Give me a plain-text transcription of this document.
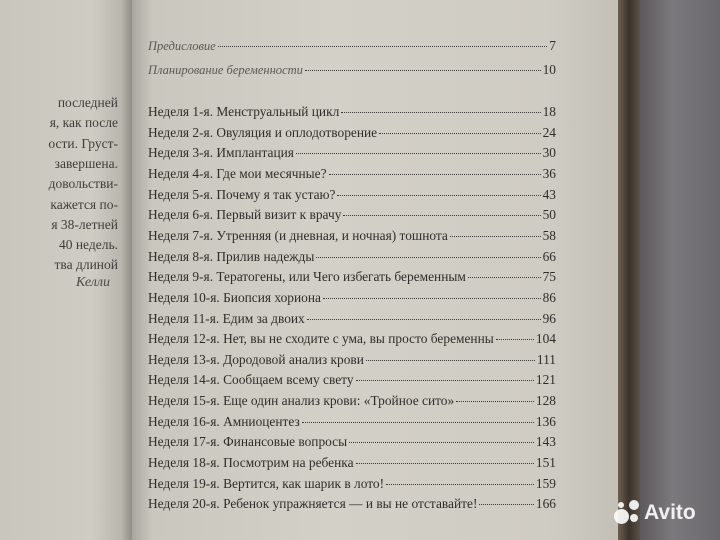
последней
я, как после
ости. Груст-
завершена.
довольстви-
кажется по-
я 38-летней
40 недель.
тва длиной
Келли
Предисловие	7
Планирование беременности	10
Неделя 1-я. Менструальный цикл	18
Неделя 2-я. Овуляция и оплодотворение	24
Неделя 3-я. Имплантация	30
Неделя 4-я. Где мои месячные?	36
Неделя 5-я. Почему я так устаю?	43
Неделя 6-я. Первый визит к врачу	50
Неделя 7-я. Утренняя (и дневная, и ночная) тошнота	58
Неделя 8-я. Прилив надежды	66
Неделя 9-я. Тератогены, или Чего избегать беременным	75
Неделя 10-я. Биопсия хориона	86
Неделя 11-я. Едим за двоих	96
Неделя 12-я. Нет, вы не сходите с ума, вы просто беременны	104
Неделя 13-я. Дородовой анализ крови	111
Неделя 14-я. Сообщаем всему свету	121
Неделя 15-я. Еще один анализ крови: «Тройное сито»	128
Неделя 16-я. Амниоцентез	136
Неделя 17-я. Финансовые вопросы	143
Неделя 18-я. Посмотрим на ребенка	151
Неделя 19-я. Вертится, как шарик в лото!	159
Неделя 20-я. Ребенок упражняется — и вы не отставайте!	166	Avito
